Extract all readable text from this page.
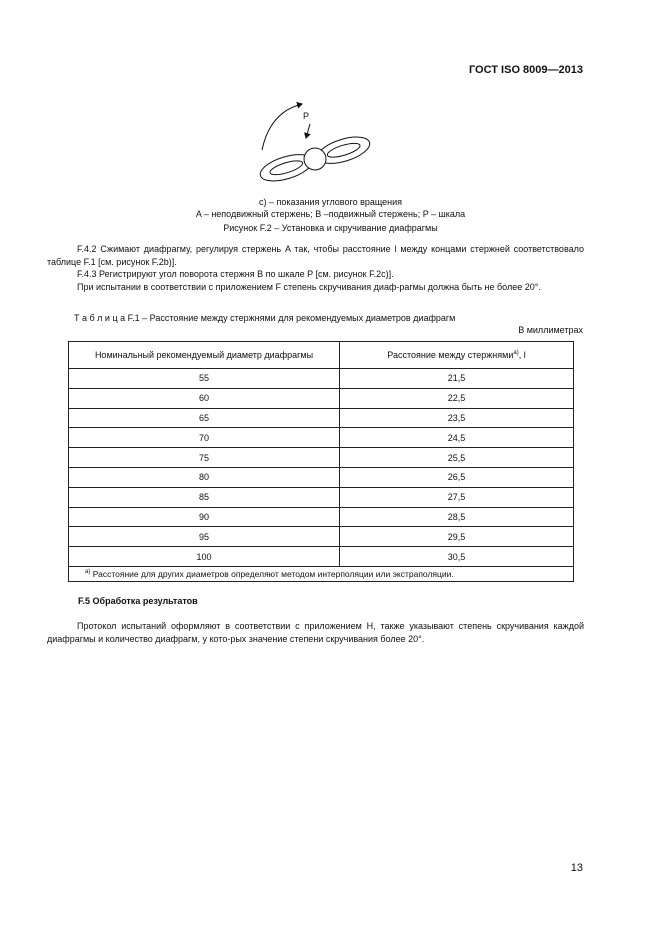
ГОСТ ISO 8009—2013
P
c) – показания углового вращения
A – неподвижный стержень; B –подвижный стержень; P – шкала
Рисунок F.2 – Установка и скручивание диафрагмы
F.4.2 Сжимают диафрагму, регулируя стержень A так, чтобы расстояние l между концами стержней соответствовало таблице F.1 [см. рисунок F.2b)].
F.4.3 Регистрируют угол поворота стержня B по шкале P [см. рисунок F.2c)].
При испытании в соответствии с приложением F степень скручивания диаф-рагмы должна быть не более 20°.
Т а б л и ц а F.1 – Расстояние между стержнями для рекомендуемых диаметров диафрагм
В миллиметрах
Номинальный рекомендуемый диаметр диафрагмы	Расстояние между стержнями$^{а)}$, l
55	21,5
60	22,5
65	23,5
70	24,5
75	25,5
80	26,5
85	27,5
90	28,5
95	29,5
100	30,5
$^{а)}$ Расстояние для других диаметров определяют методом интерполяции или экстраполяции.	
F.5 Обработка результатов
Протокол испытаний оформляют в соответствии с приложением H, также указывают степень скручивания каждой диафрагмы и количество диафрагм, у кото-рых значение степени скручивания более 20°.
13
